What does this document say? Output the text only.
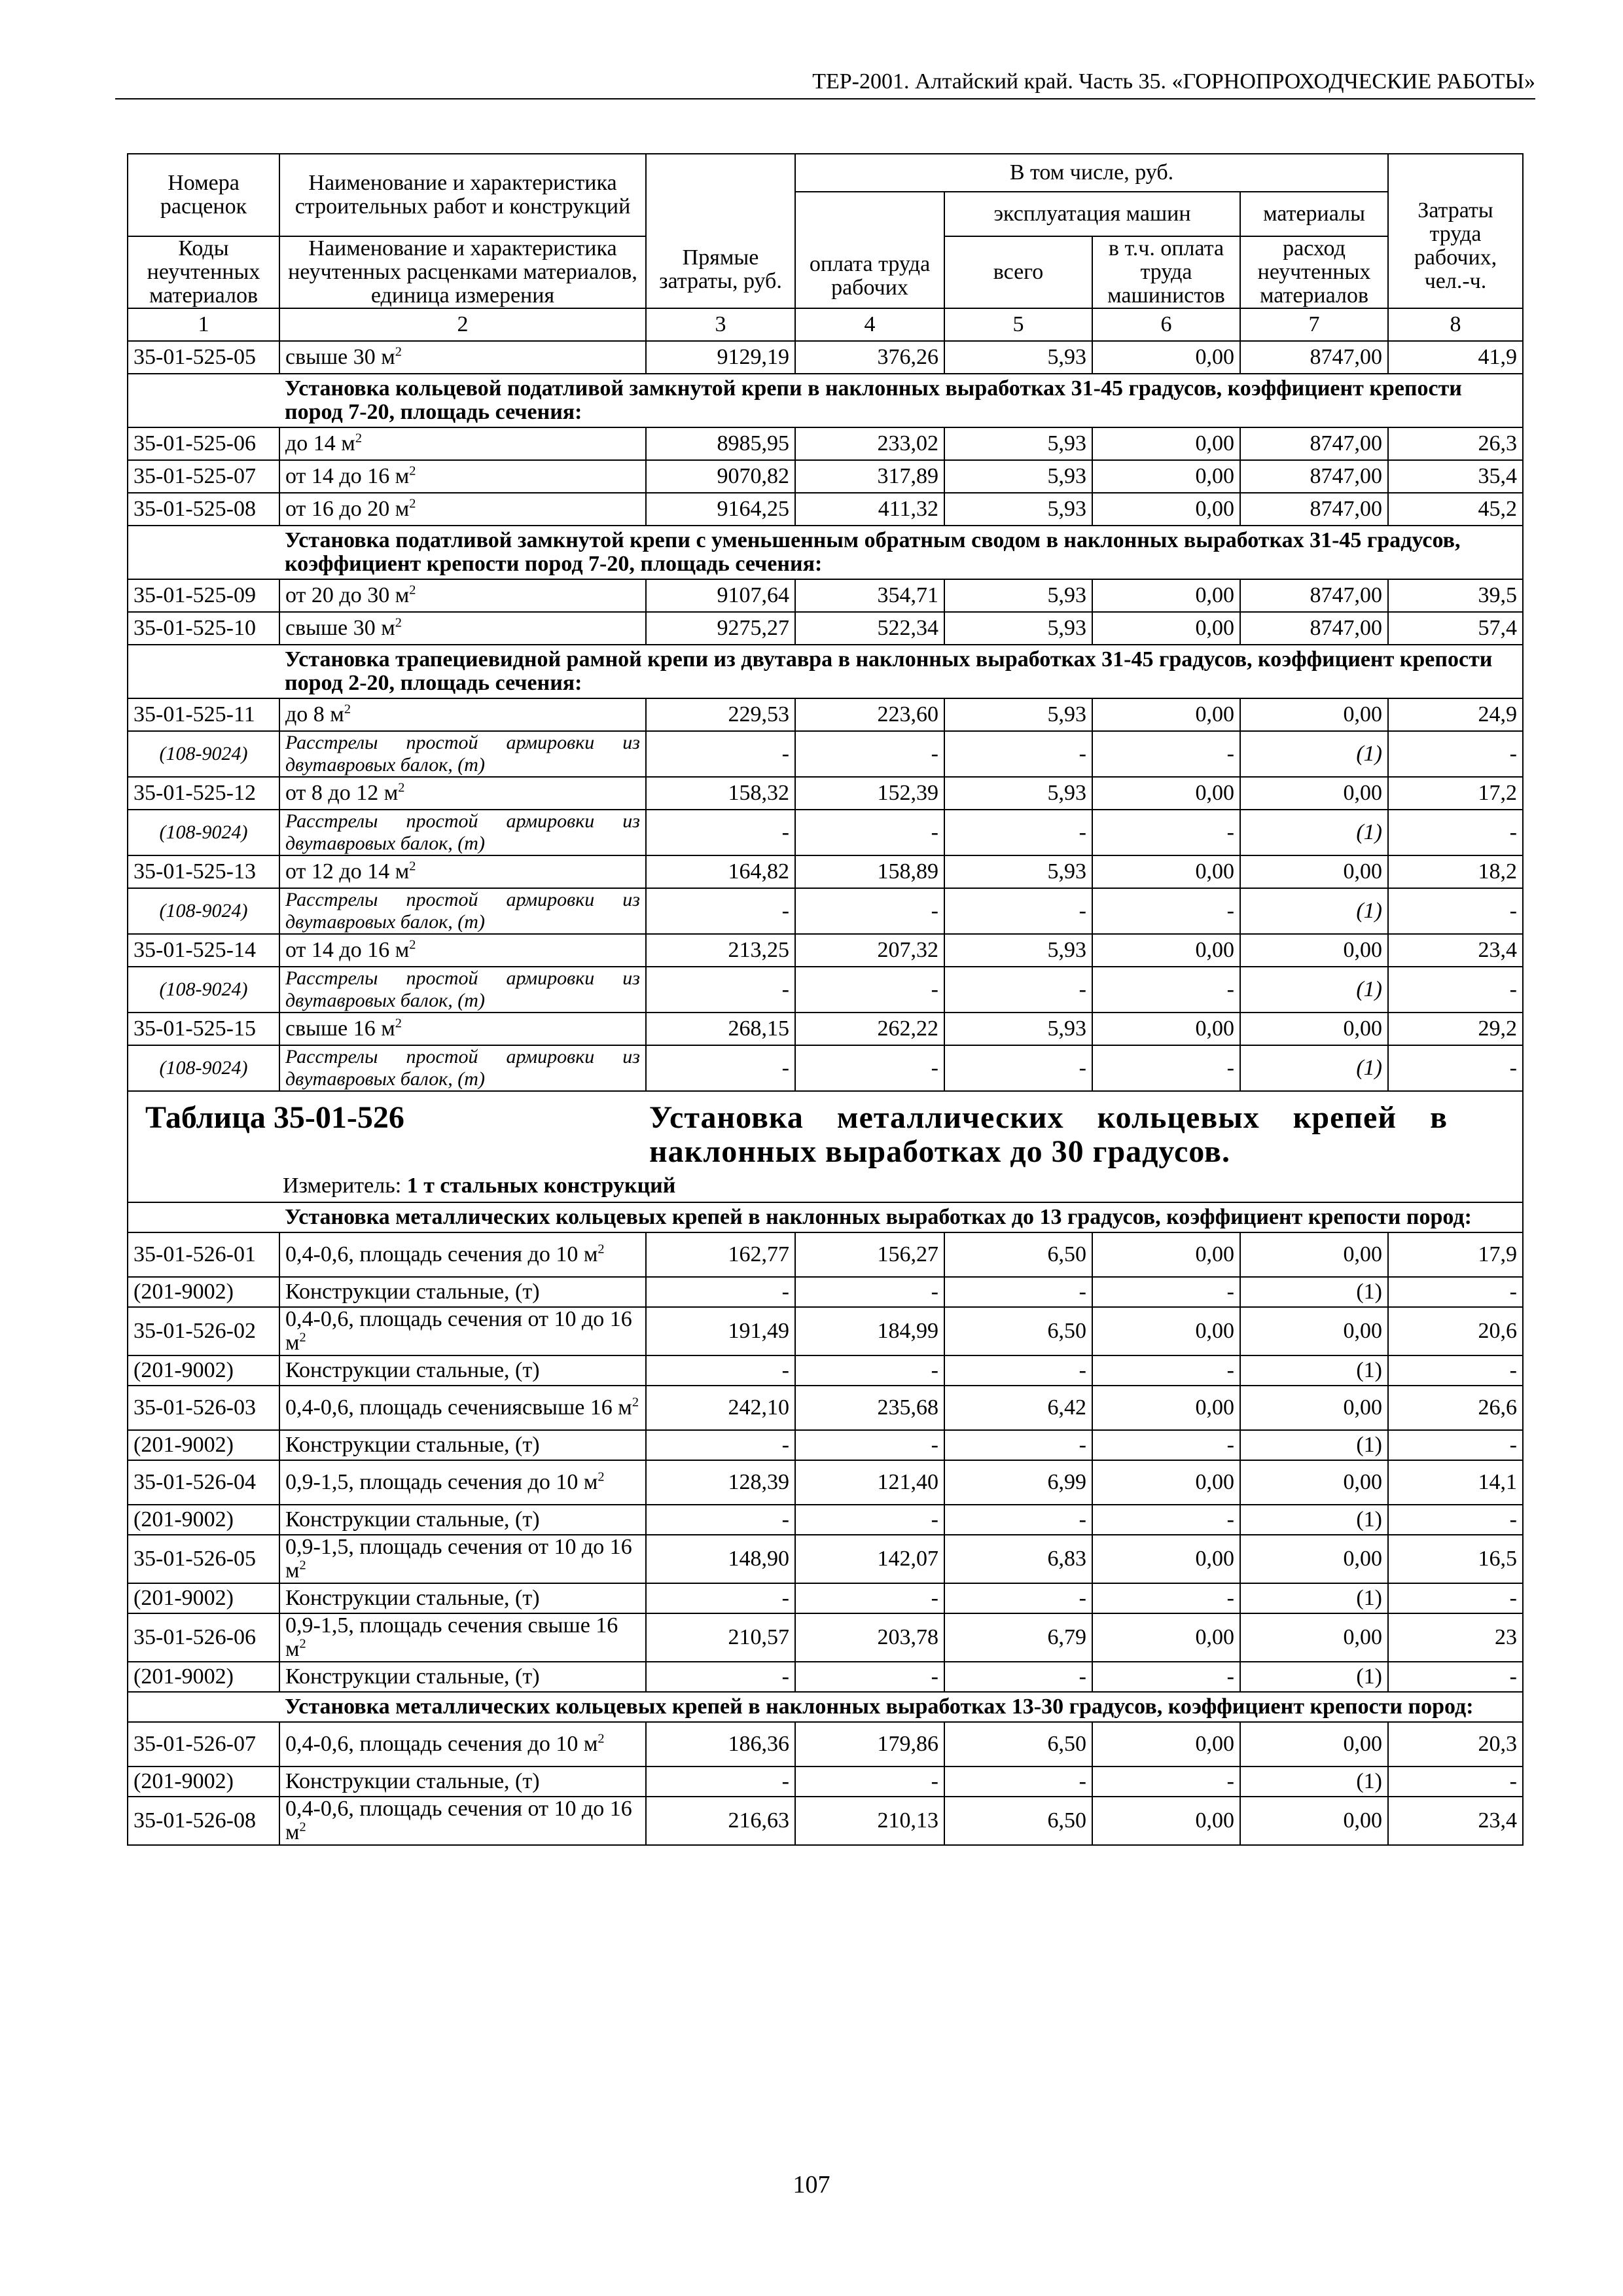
ТЕР-2001. Алтайский край. Часть 35. «ГОРНОПРОХОДЧЕСКИЕ РАБОТЫ»
Номера расценок	Наименование и характеристика строительных работ и конструкций	Прямые затраты, руб.	В том числе, руб.				Затраты труда рабочих, чел.-ч.
			оплата труда рабочих	эксплуатация машин		материалы	
Коды неучтенных материалов	Наименование и характеристика неучтенных расценками материалов, единица измерения			всего	в т.ч. оплата труда машинистов	расход неучтенных материалов	
1	2	3	4	5	6	7	8
35-01-525-05	свыше 30 $м^2$	9129,19	376,26	5,93	0,00	8747,00	41,9
	Установка кольцевой податливой замкнутой крепи в наклонных выработках 31-45 градусов, коэффициент крепости пород 7-20, площадь сечения:						
35-01-525-06	до 14 $м^2$	8985,95	233,02	5,93	0,00	8747,00	26,3
35-01-525-07	от 14 до 16 $м^2$	9070,82	317,89	5,93	0,00	8747,00	35,4
35-01-525-08	от 16 до 20 $м^2$	9164,25	411,32	5,93	0,00	8747,00	45,2
	Установка податливой замкнутой крепи с уменьшенным обратным сводом в наклонных выработках 31-45 градусов, коэффициент крепости пород 7-20, площадь сечения:						
35-01-525-09	от 20 до 30 $м^2$	9107,64	354,71	5,93	0,00	8747,00	39,5
35-01-525-10	свыше 30 $м^2$	9275,27	522,34	5,93	0,00	8747,00	57,4
	Установка трапециевидной рамной крепи из двутавра в наклонных выработках 31-45 градусов, коэффициент крепости пород 2-20, площадь сечения:						
35-01-525-11	до 8 $м^2$	229,53	223,60	5,93	0,00	0,00	24,9
(108-9024)	Расстрелы простой армировки из двутавровых балок, (т)	-	-	-	-	(1)	-
35-01-525-12	от 8 до 12 $м^2$	158,32	152,39	5,93	0,00	0,00	17,2
(108-9024)	Расстрелы простой армировки из двутавровых балок, (т)	-	-	-	-	(1)	-
35-01-525-13	от 12 до 14 $м^2$	164,82	158,89	5,93	0,00	0,00	18,2
(108-9024)	Расстрелы простой армировки из двутавровых балок, (т)	-	-	-	-	(1)	-
35-01-525-14	от 14 до 16 $м^2$	213,25	207,32	5,93	0,00	0,00	23,4
(108-9024)	Расстрелы простой армировки из двутавровых балок, (т)	-	-	-	-	(1)	-
35-01-525-15	свыше 16 $м^2$	268,15	262,22	5,93	0,00	0,00	29,2
(108-9024)	Расстрелы простой армировки из двутавровых балок, (т)	-	-	-	-	(1)	-

Таблица 35-01-526 Установка металлических кольцевых крепей в наклонных выработках до 30 градусов.
Измеритель: 1 т стальных конструкций							

	Установка металлических кольцевых крепей в наклонных выработках до 13 градусов, коэффициент крепости пород:						
35-01-526-01	0,4-0,6, площадь сечения до 10 $м^2$	162,77	156,27	6,50	0,00	0,00	17,9
(201-9002)	Конструкции стальные, (т)	-	-	-	-	(1)	-
35-01-526-02	0,4-0,6, площадь сечения от 10 до 16 $м^2$	191,49	184,99	6,50	0,00	0,00	20,6
(201-9002)	Конструкции стальные, (т)	-	-	-	-	(1)	-
35-01-526-03	0,4-0,6, площадь сечениясвыше 16 $м^2$	242,10	235,68	6,42	0,00	0,00	26,6
(201-9002)	Конструкции стальные, (т)	-	-	-	-	(1)	-
35-01-526-04	0,9-1,5, площадь сечения до 10 $м^2$	128,39	121,40	6,99	0,00	0,00	14,1
(201-9002)	Конструкции стальные, (т)	-	-	-	-	(1)	-
35-01-526-05	0,9-1,5, площадь сечения от 10 до 16 $м^2$	148,90	142,07	6,83	0,00	0,00	16,5
(201-9002)	Конструкции стальные, (т)	-	-	-	-	(1)	-
35-01-526-06	0,9-1,5, площадь сечения свыше 16 $м^2$	210,57	203,78	6,79	0,00	0,00	23
(201-9002)	Конструкции стальные, (т)	-	-	-	-	(1)	-
	Установка металлических кольцевых крепей в наклонных выработках 13-30 градусов, коэффициент крепости пород:						
35-01-526-07	0,4-0,6, площадь сечения до 10 $м^2$	186,36	179,86	6,50	0,00	0,00	20,3
(201-9002)	Конструкции стальные, (т)	-	-	-	-	(1)	-
35-01-526-08	0,4-0,6, площадь сечения от 10 до 16 $м^2$	216,63	210,13	6,50	0,00	0,00	23,4
107
